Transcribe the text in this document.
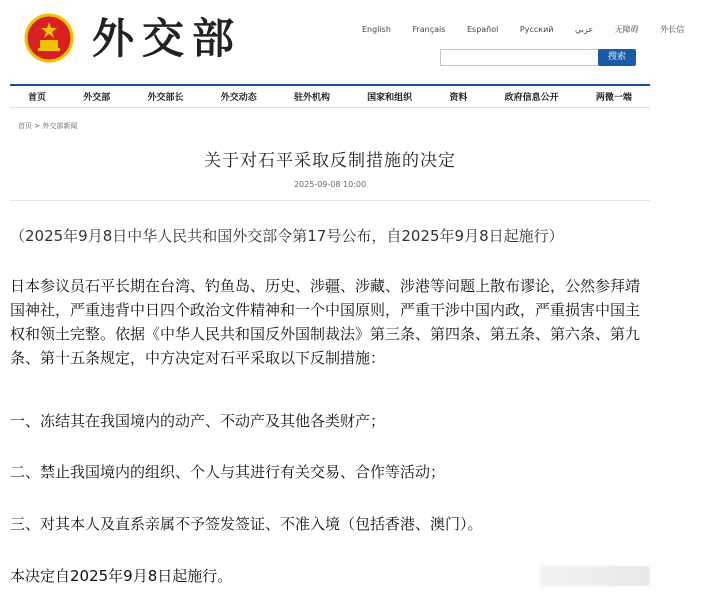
外交部	English	Français	Español	Русский	عربي	无障碍	外长信
搜索
首页	外交部	外交部长	外交动态	驻外机构	国家和组织	资料	政府信息公开	两微一端
首页 > 外交部新闻
关于对石平采取反制措施的决定
2025-09-08 10:00
（2025年9月8日中华人民共和国外交部令第17号公布，自2025年9月8日起施行）
日本参议员石平长期在台湾、钓鱼岛、历史、涉疆、涉藏、涉港等问题上散布谬论，公然参拜靖国神社，严重违背中日四个政治文件精神和一个中国原则，严重干涉中国内政，严重损害中国主权和领土完整。依据《中华人民共和国反外国制裁法》第三条、第四条、第五条、第六条、第九条、第十五条规定，中方决定对石平采取以下反制措施：
一、冻结其在我国境内的动产、不动产及其他各类财产；
二、禁止我国境内的组织、个人与其进行有关交易、合作等活动；
三、对其本人及直系亲属不予签发签证、不准入境（包括香港、澳门）。
本决定自2025年9月8日起施行。
